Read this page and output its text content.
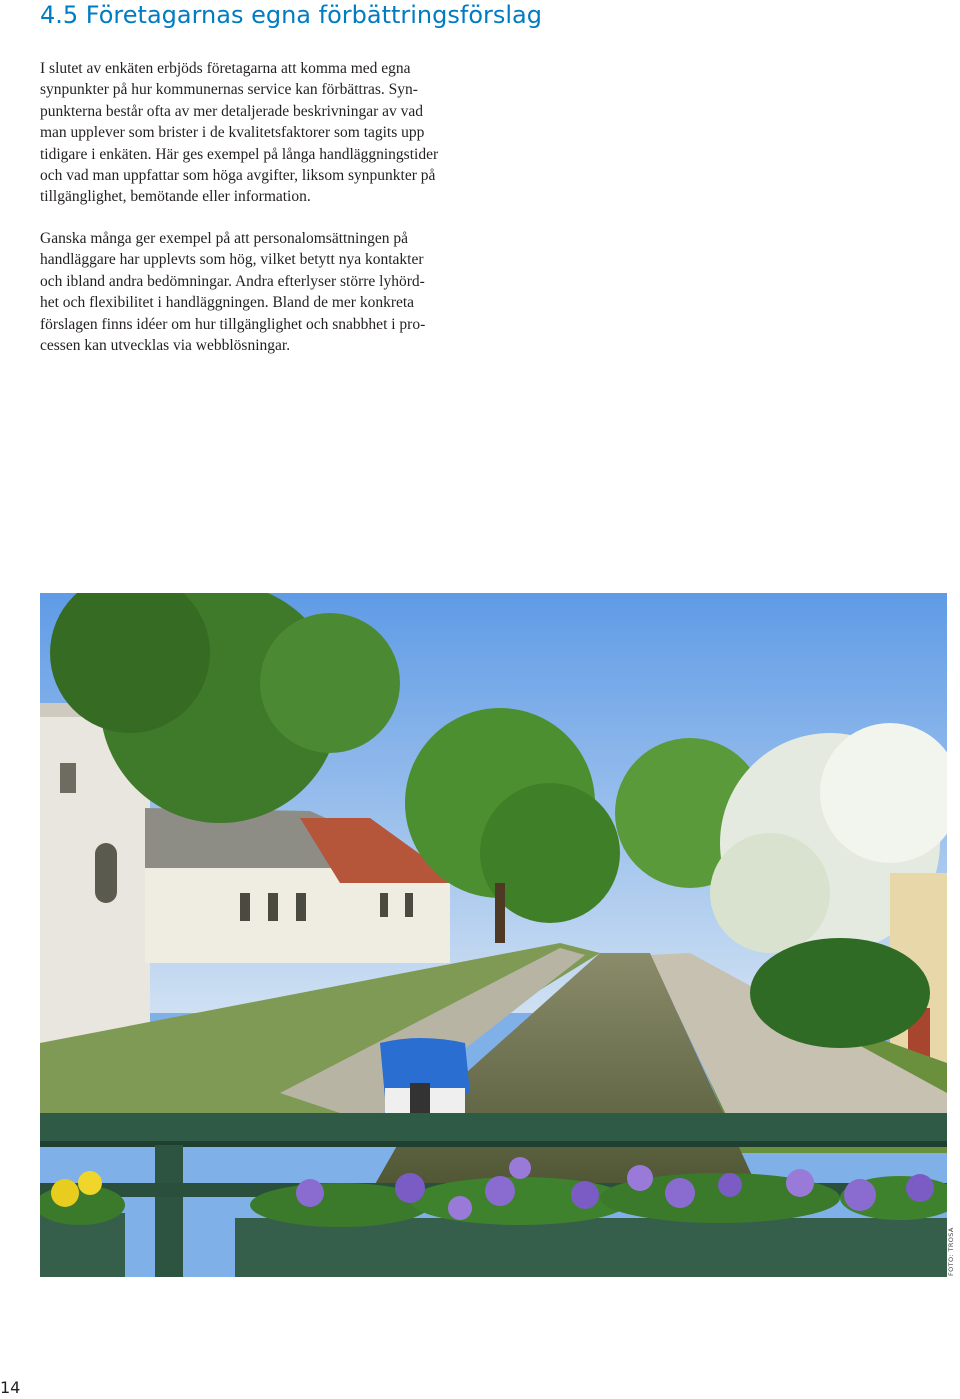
4.5 Företagarnas egna förbättringsförslag
I slutet av enkäten erbjöds företagarna att komma med egna
synpunkter på hur kommunernas service kan förbättras. Syn-
punkterna består ofta av mer detaljerade beskrivningar av vad
man upplever som brister i de kvalitetsfaktorer som tagits upp
tidigare i enkäten. Här ges exempel på långa handläggningstider
och vad man uppfattar som höga avgifter, liksom synpunkter på
tillgänglighet, bemötande eller information.
Ganska många ger exempel på att personalomsättningen på
handläggare har upplevts som hög, vilket betytt nya kontakter
och ibland andra bedömningar. Andra efterlyser större lyhörd-
het och flexibilitet i handläggningen. Bland de mer konkreta
förslagen finns idéer om hur tillgänglighet och snabbhet i pro-
cessen kan utvecklas via webblösningar.
FOTO: TROSA
14
